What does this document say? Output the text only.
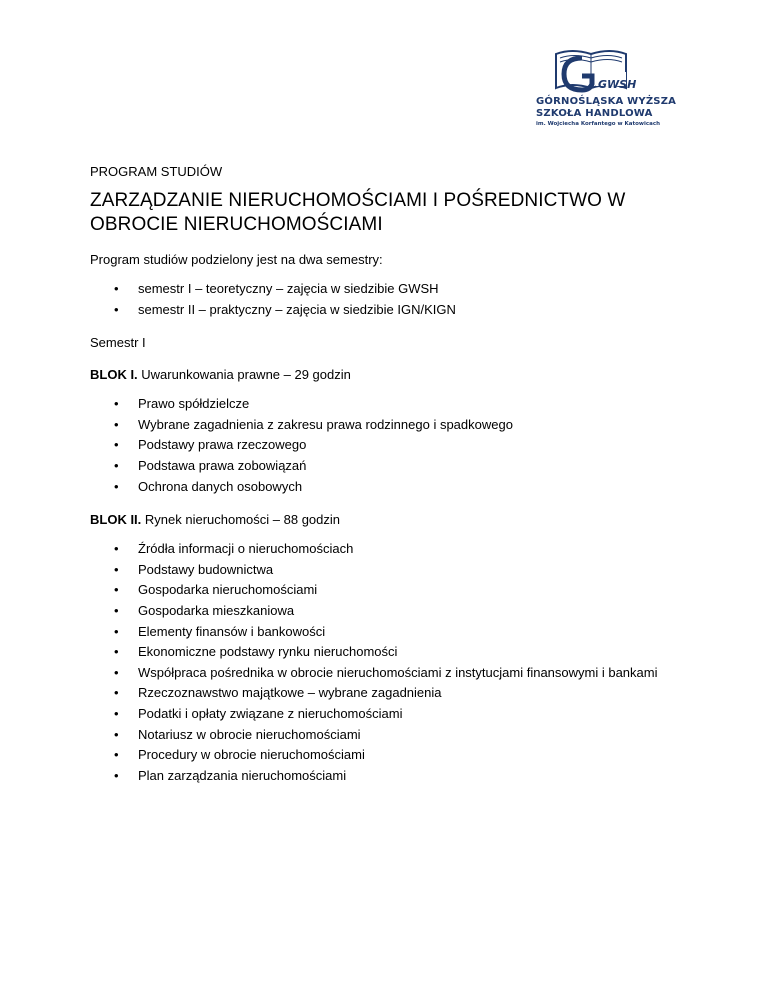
GWSH
GÓRNOŚLĄSKA WYŻSZA
SZKOŁA HANDLOWA
im. Wojciecha Korfantego w Katowicach

PROGRAM STUDIÓW

ZARZĄDZANIE NIERUCHOMOŚCIAMI I POŚREDNICTWO W OBROCIE NIERUCHOMOŚCIAMI

Program studiów podzielony jest na dwa semestry:

• semestr I – teoretyczny – zajęcia w siedzibie GWSH
• semestr II – praktyczny – zajęcia w siedzibie IGN/KIGN

Semestr I

BLOK I. Uwarunkowania prawne – 29 godzin

• Prawo spółdzielcze
• Wybrane zagadnienia z zakresu prawa rodzinnego i spadkowego
• Podstawy prawa rzeczowego
• Podstawa prawa zobowiązań
• Ochrona danych osobowych

BLOK II. Rynek nieruchomości – 88 godzin

• Źródła informacji o nieruchomościach
• Podstawy budownictwa
• Gospodarka nieruchomościami
• Gospodarka mieszkaniowa
• Elementy finansów i bankowości
• Ekonomiczne podstawy rynku nieruchomości
• Współpraca pośrednika w obrocie nieruchomościami z instytucjami finansowymi i bankami
• Rzeczoznawstwo majątkowe – wybrane zagadnienia
• Podatki i opłaty związane z nieruchomościami
• Notariusz w obrocie nieruchomościami
• Procedury w obrocie nieruchomościami
• Plan zarządzania nieruchomościami
